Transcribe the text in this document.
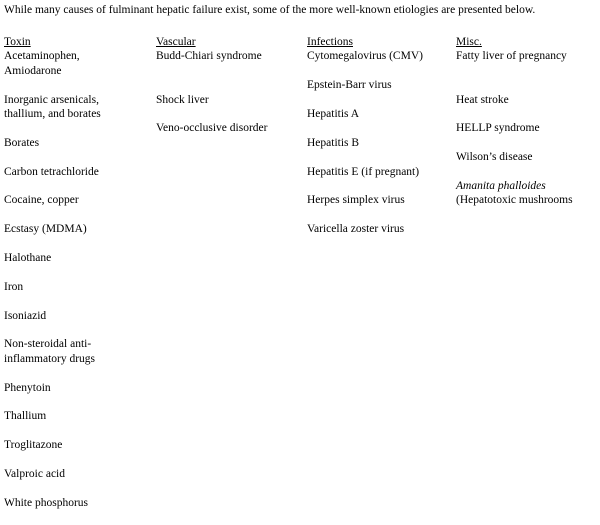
While many causes of fulminant hepatic failure exist, some of the more well-known etiologies are presented below.
Toxin
Acetaminophen, Amiodarone
Inorganic arsenicals, thallium, and borates
Borates
Carbon tetrachloride
Cocaine, copper
Ecstasy (MDMA)
Halothane
Iron
Isoniazid
Non-steroidal anti-inflammatory drugs
Phenytoin
Thallium
Troglitazone
Valproic acid
White phosphorus
Vascular
Budd-Chiari syndrome
Shock liver
Veno-occlusive disorder
Infections
Cytomegalovirus (CMV)
Epstein-Barr virus
Hepatitis A
Hepatitis B
Hepatitis E (if pregnant)
Herpes simplex virus
Varicella zoster virus
Misc.
Fatty liver of pregnancy
Heat stroke
HELLP syndrome
Wilson’s disease
Amanita phalloides
(Hepatotoxic mushrooms
